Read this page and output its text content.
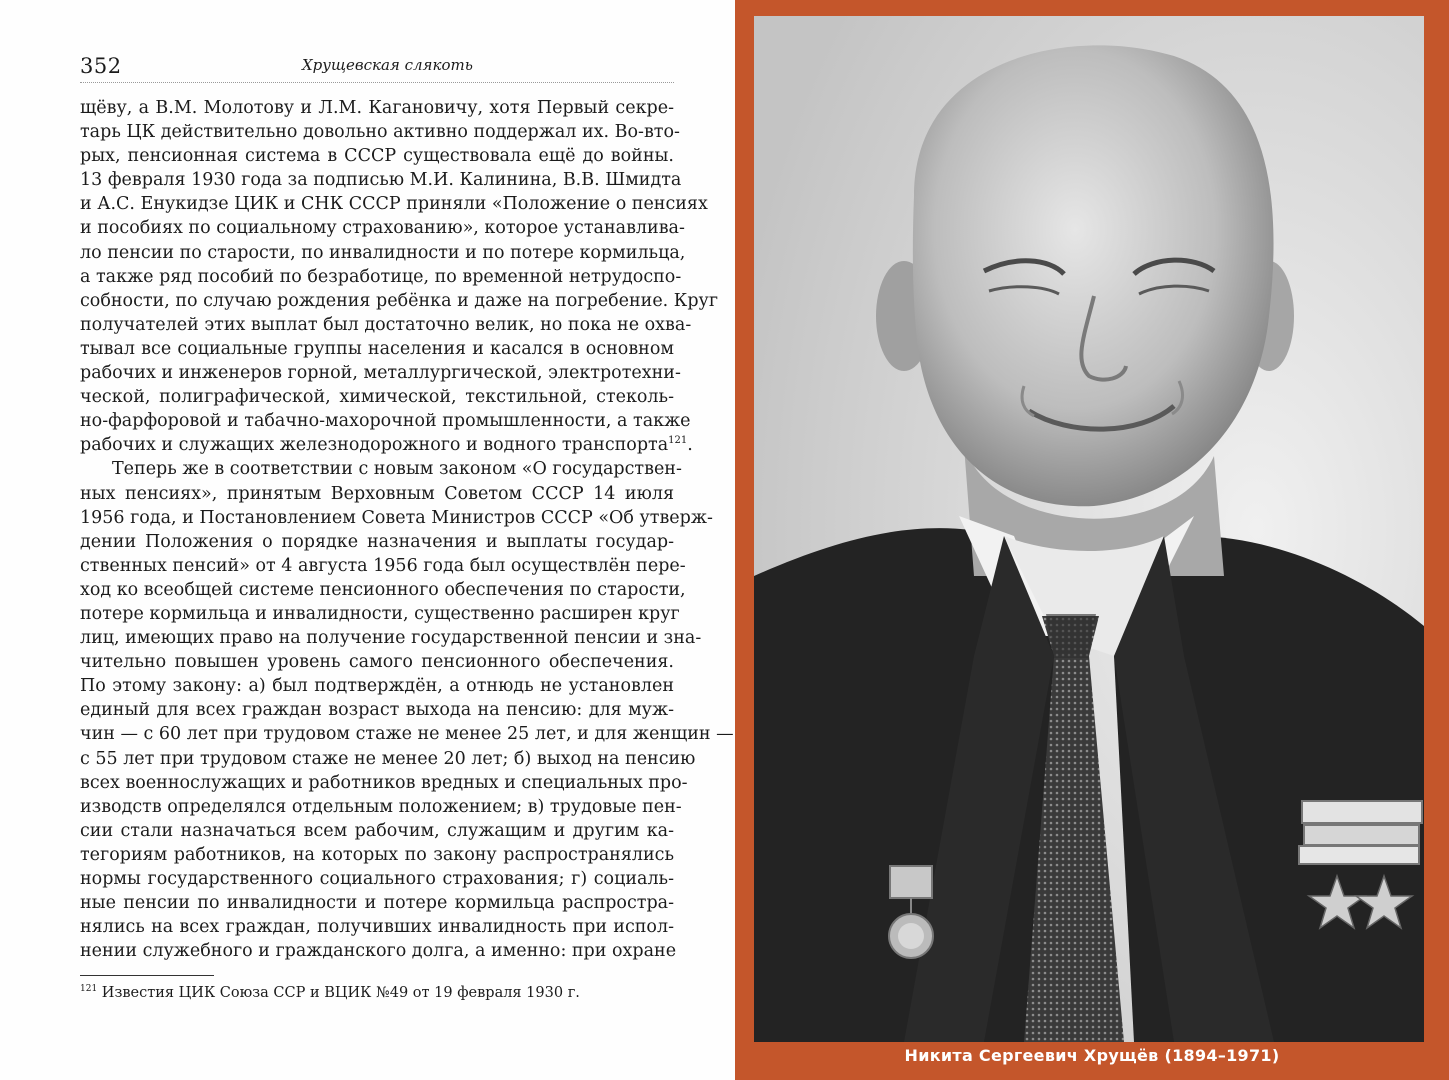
352	Хрущевская слякоть
щёву, а В.М. Молотову и Л.М. Кагановичу, хотя Первый секре-
тарь ЦК действительно довольно активно поддержал их. Во-вто-
рых, пенсионная система в СССР существовала ещё до войны.
13 февраля 1930 года за подписью М.И. Калинина, В.В. Шмидта
и А.С. Енукидзе ЦИК и СНК СССР приняли «Положение о пенсиях
и пособиях по социальному страхованию», которое устанавлива-
ло пенсии по старости, по инвалидности и по потере кормильца,
а также ряд пособий по безработице, по временной нетрудоспо-
собности, по случаю рождения ребёнка и даже на погребение. Круг
получателей этих выплат был достаточно велик, но пока не охва-
тывал все социальные группы населения и касался в основном
рабочих и инженеров горной, металлургической, электротехни-
ческой, полиграфической, химической, текстильной, стеколь-
но-фарфоровой и табачно-махорочной промышленности, а также
рабочих и служащих железнодорожного и водного транспорта$^{121}$
Теперь же в соответствии с новым законом «О государствен-
ных пенсиях», принятым Верховным Советом СССР 14 июля
1956 года, и Постановлением Совета Министров СССР «Об утверж-
дении Положения о порядке назначения и выплаты государ-
ственных пенсий» от 4 августа 1956 года был осуществлён пере-
ход ко всеобщей системе пенсионного обеспечения по старости,
потере кормильца и инвалидности, существенно расширен круг
лиц, имеющих право на получение государственной пенсии и зна-
чительно повышен уровень самого пенсионного обеспечения.
По этому закону: а) был подтверждён, а отнюдь не установлен
единый для всех граждан возраст выхода на пенсию: для муж-
чин — с 60 лет при трудовом стаже не менее 25 лет, и для женщин —
с 55 лет при трудовом стаже не менее 20 лет; б) выход на пенсию
всех военнослужащих и работников вредных и специальных про-
изводств определялся отдельным положением; в) трудовые пен-
сии стали назначаться всем рабочим, служащим и другим ка-
тегориям работников, на которых по закону распространялись
нормы государственного социального страхования; г) социаль-
ные пенсии по инвалидности и потере кормильца распростра-
нялись на всех граждан, получивших инвалидность при испол-
нении служебного и гражданского долга, а именно: при охране
$^{121}$ Известия ЦИК Союза ССР и ВЦИК №49 от 19 февраля 1930 г.
Никита Сергеевич Хрущёв (1894–1971)
